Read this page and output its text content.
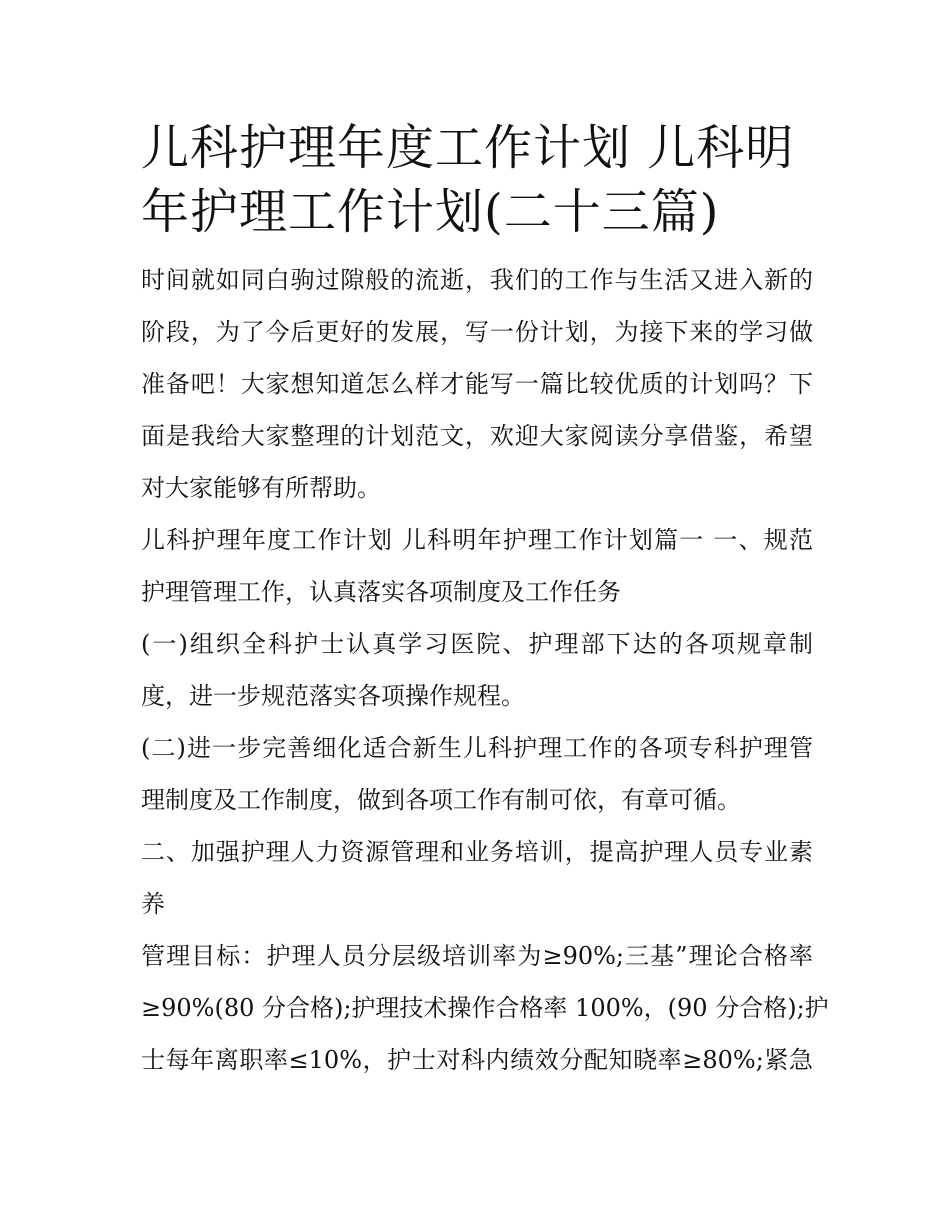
儿科护理年度工作计划 儿科明
年护理工作计划(二十三篇)

时间就如同白驹过隙般的流逝，我们的工作与生活又进入新的
阶段，为了今后更好的发展，写一份计划，为接下来的学习做
准备吧！大家想知道怎么样才能写一篇比较优质的计划吗？下
面是我给大家整理的计划范文，欢迎大家阅读分享借鉴，希望
对大家能够有所帮助。

儿科护理年度工作计划 儿科明年护理工作计划篇一 一、规范
护理管理工作，认真落实各项制度及工作任务

(一)组织全科护士认真学习医院、护理部下达的各项规章制
度，进一步规范落实各项操作规程。

(二)进一步完善细化适合新生儿科护理工作的各项专科护理管
理制度及工作制度，做到各项工作有制可依，有章可循。

二、加强护理人力资源管理和业务培训，提高护理人员专业素
养

管理目标：护理人员分层级培训率为≥90%;三基”理论合格率
≥90%(80 分合格);护理技术操作合格率 100%，(90 分合格);护
士每年离职率≤10%，护士对科内绩效分配知晓率≥80%;紧急
